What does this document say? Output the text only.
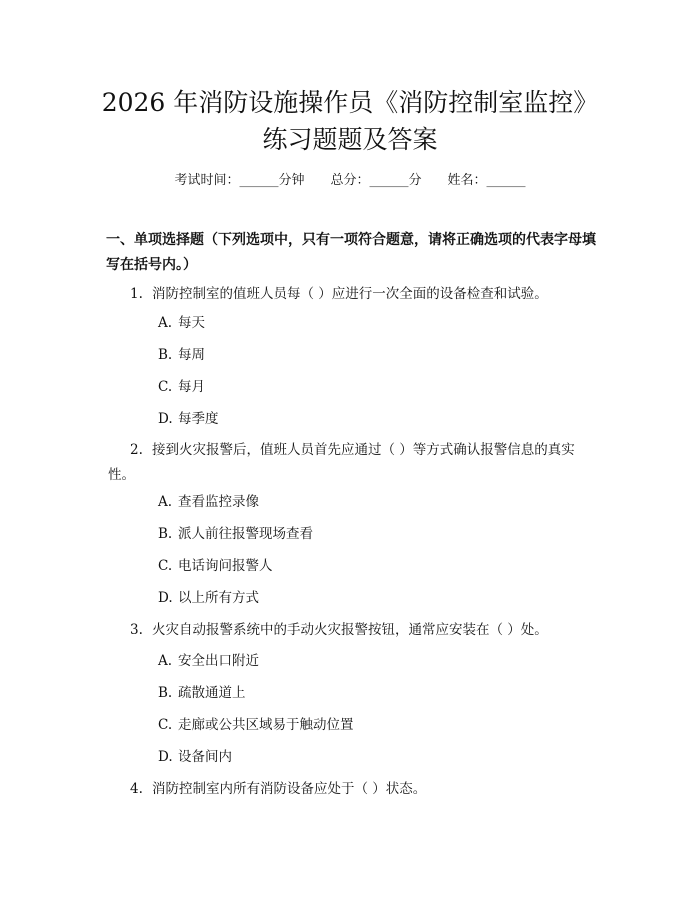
2026 年消防设施操作员《消防控制室监控》
练习题题及答案
考试时间：______分钟 总分：______分 姓名：______
一、单项选择题（下列选项中，只有一项符合题意，请将正确选项的代表字母填写在括号内。）
1. 消防控制室的值班人员每（ ）应进行一次全面的设备检查和试验。
A. 每天
B. 每周
C. 每月
D. 每季度
2. 接到火灾报警后，值班人员首先应通过（ ）等方式确认报警信息的真实性。
A. 查看监控录像
B. 派人前往报警现场查看
C. 电话询问报警人
D. 以上所有方式
3. 火灾自动报警系统中的手动火灾报警按钮，通常应安装在（ ）处。
A. 安全出口附近
B. 疏散通道上
C. 走廊或公共区域易于触动位置
D. 设备间内
4. 消防控制室内所有消防设备应处于（ ）状态。
